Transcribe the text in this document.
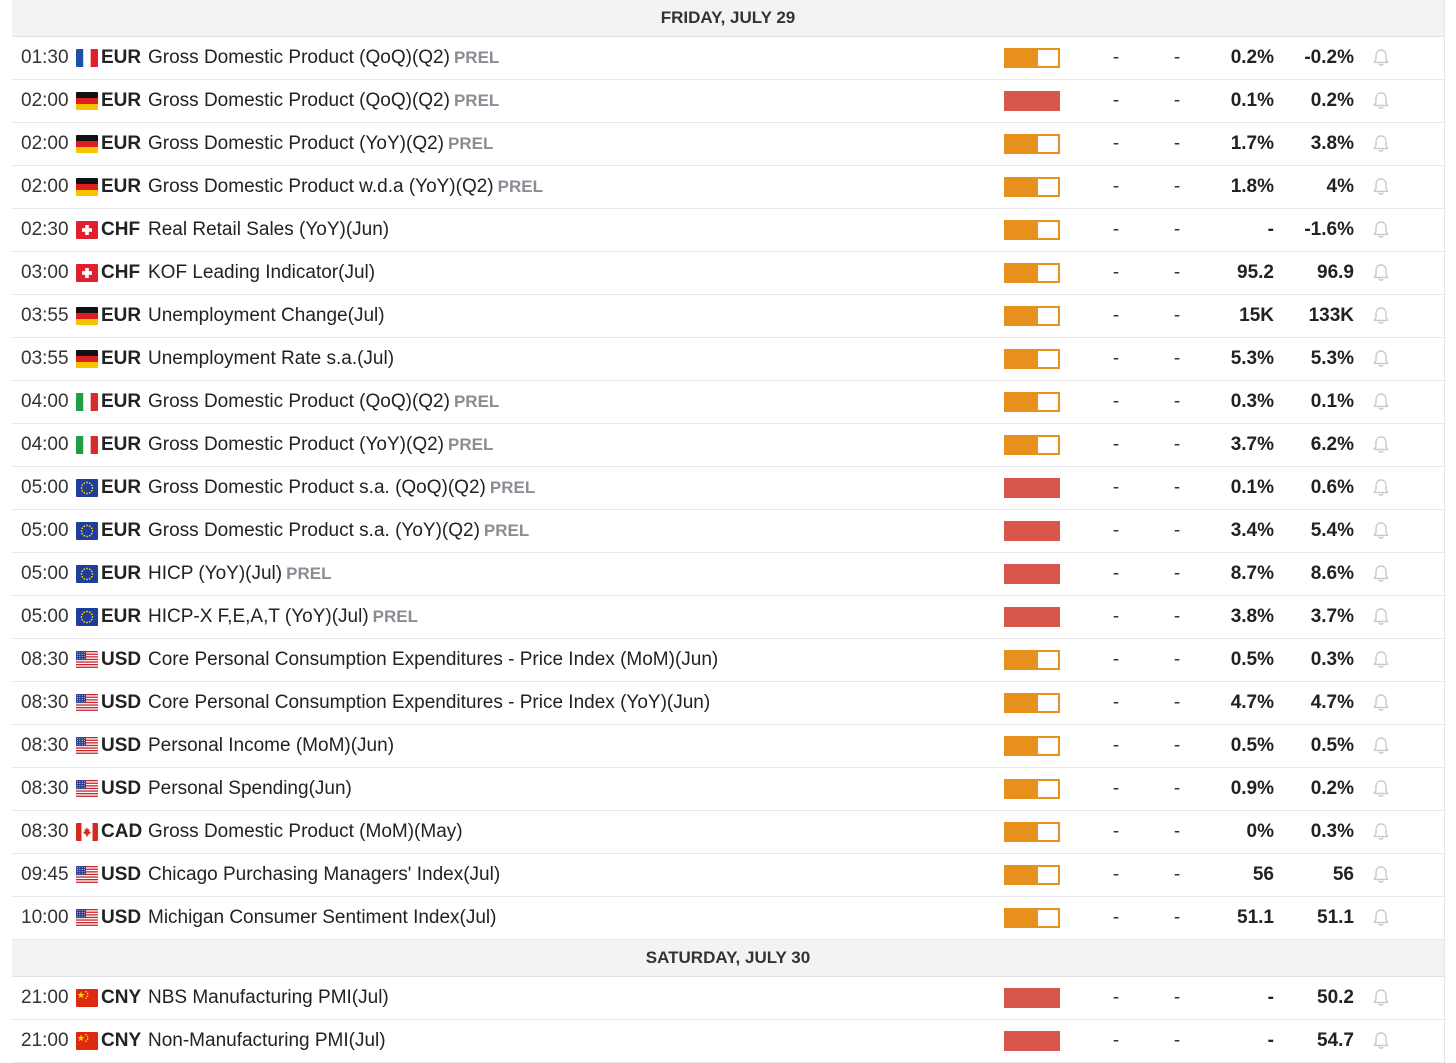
FRIDAY, JULY 29
01:30	EUR Gross Domestic Product (QoQ)(Q2) PREL	-	-	0.2%	-0.2%
02:00	EUR Gross Domestic Product (QoQ)(Q2) PREL	-	-	0.1%	0.2%
02:00	EUR Gross Domestic Product (YoY)(Q2) PREL	-	-	1.7%	3.8%
02:00	EUR Gross Domestic Product w.d.a (YoY)(Q2) PREL	-	-	1.8%	4%
02:30	CHF Real Retail Sales (YoY)(Jun)	-	-	-	-1.6%
03:00	CHF KOF Leading Indicator(Jul)	-	-	95.2	96.9
03:55	EUR Unemployment Change(Jul)	-	-	15K	133K
03:55	EUR Unemployment Rate s.a.(Jul)	-	-	5.3%	5.3%
04:00	EUR Gross Domestic Product (QoQ)(Q2) PREL	-	-	0.3%	0.1%
04:00	EUR Gross Domestic Product (YoY)(Q2) PREL	-	-	3.7%	6.2%
05:00	EUR Gross Domestic Product s.a. (QoQ)(Q2) PREL	-	-	0.1%	0.6%
05:00	EUR Gross Domestic Product s.a. (YoY)(Q2) PREL	-	-	3.4%	5.4%
05:00	EUR HICP (YoY)(Jul) PREL	-	-	8.7%	8.6%
05:00	EUR HICP-X F,E,A,T (YoY)(Jul) PREL	-	-	3.8%	3.7%
08:30	USD Core Personal Consumption Expenditures - Price Index (MoM)(Jun)	-	-	0.5%	0.3%
08:30	USD Core Personal Consumption Expenditures - Price Index (YoY)(Jun)	-	-	4.7%	4.7%
08:30	USD Personal Income (MoM)(Jun)	-	-	0.5%	0.5%
08:30	USD Personal Spending(Jun)	-	-	0.9%	0.2%
08:30	CAD Gross Domestic Product (MoM)(May)	-	-	0%	0.3%
09:45	USD Chicago Purchasing Managers' Index(Jul)	-	-	56	56
10:00	USD Michigan Consumer Sentiment Index(Jul)	-	-	51.1	51.1
SATURDAY, JULY 30
21:00	CNY NBS Manufacturing PMI(Jul)	-	-	-	50.2
21:00	CNY Non-Manufacturing PMI(Jul)	-	-	-	54.7
